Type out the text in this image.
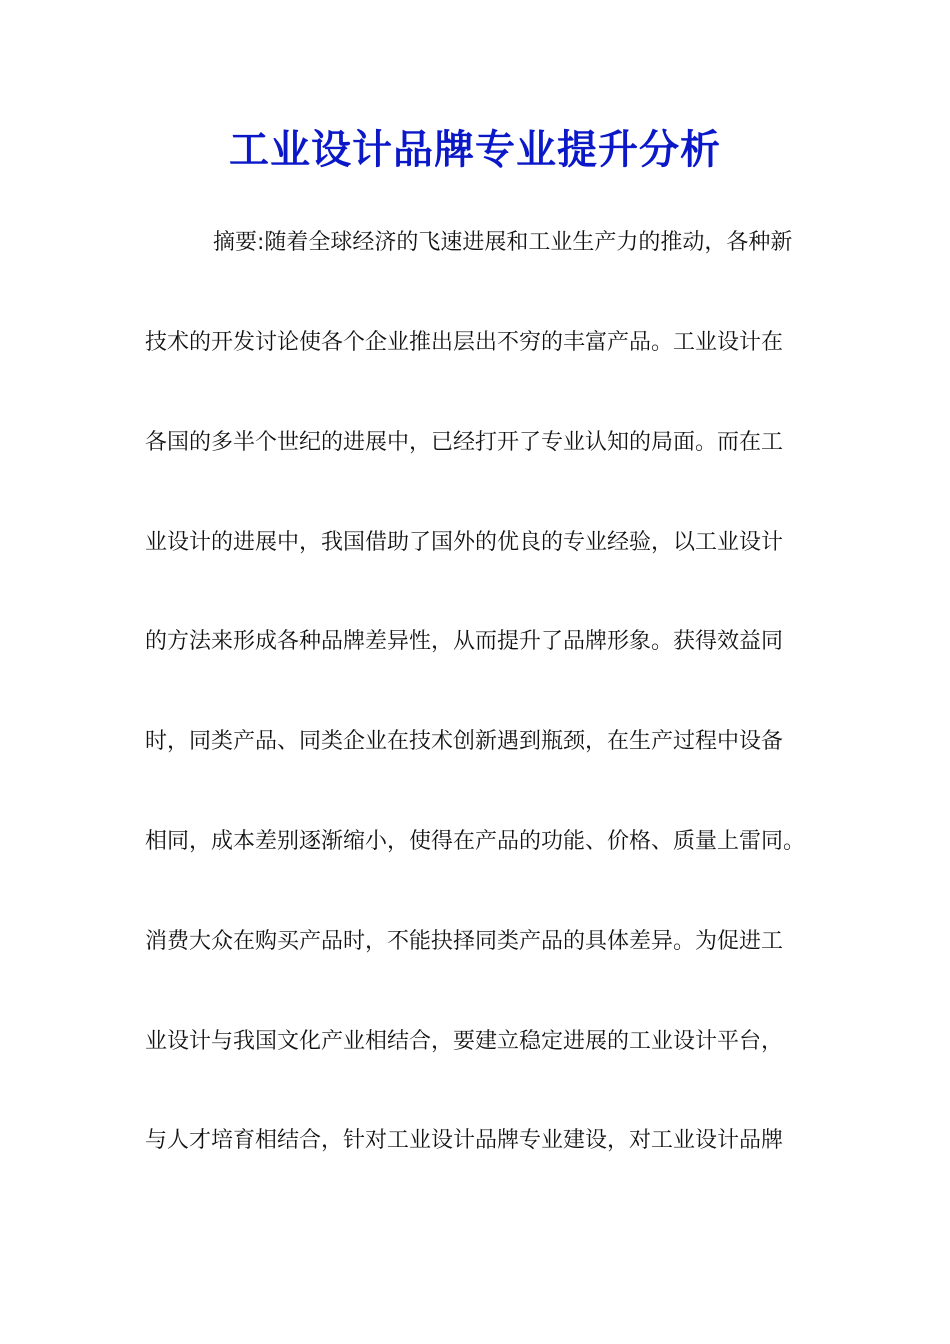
工业设计品牌专业提升分析
摘要:随着全球经济的飞速进展和工业生产力的推动，各种新
技术的开发讨论使各个企业推出层出不穷的丰富产品。工业设计在
各国的多半个世纪的进展中，已经打开了专业认知的局面。而在工
业设计的进展中，我国借助了国外的优良的专业经验，以工业设计
的方法来形成各种品牌差异性，从而提升了品牌形象。获得效益同
时，同类产品、同类企业在技术创新遇到瓶颈，在生产过程中设备
相同，成本差别逐渐缩小，使得在产品的功能、价格、质量上雷同。
消费大众在购买产品时，不能抉择同类产品的具体差异。为促进工
业设计与我国文化产业相结合，要建立稳定进展的工业设计平台，
与人才培育相结合，针对工业设计品牌专业建设，对工业设计品牌
